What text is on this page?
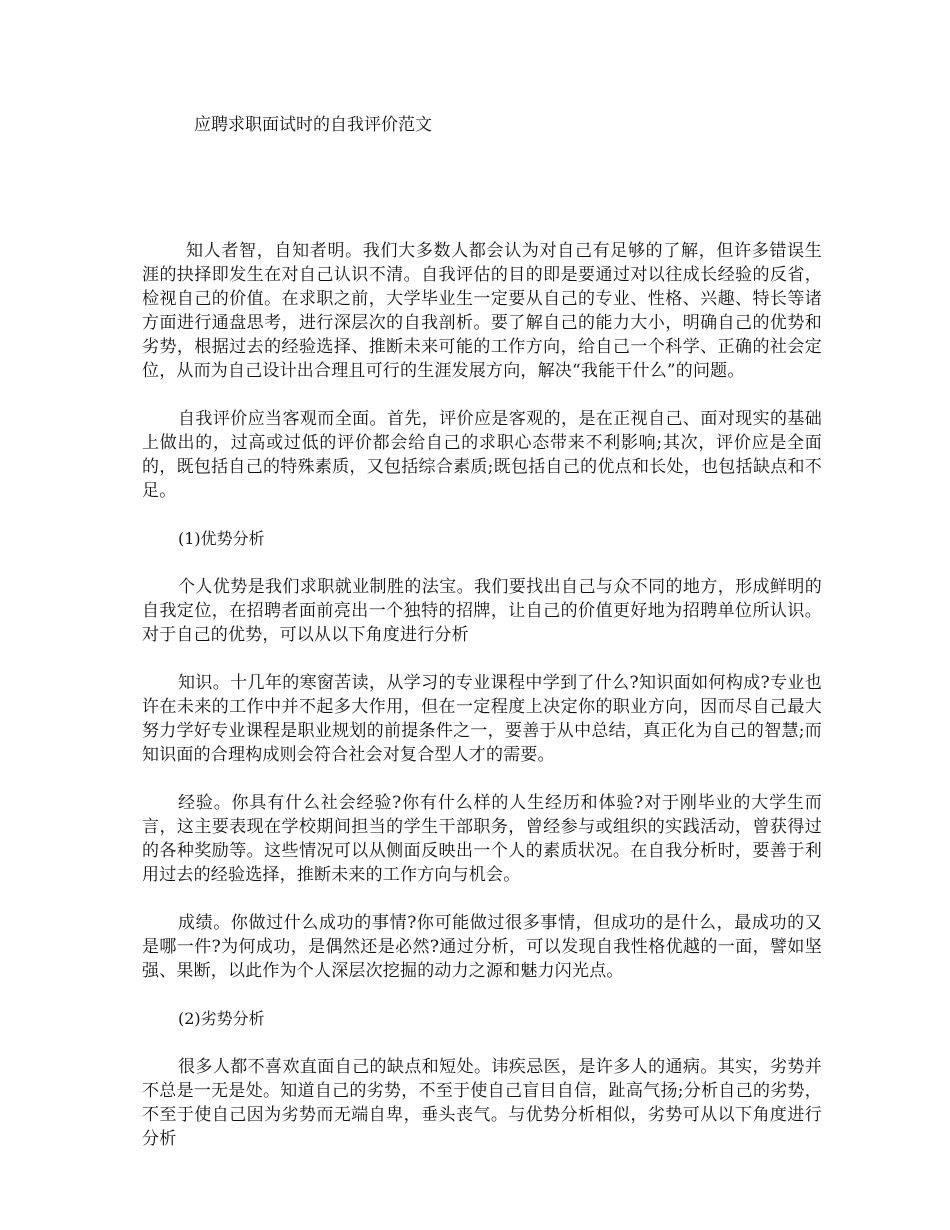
应聘求职面试时的自我评价范文

知人者智，自知者明。我们大多数人都会认为对自己有足够的了解，但许多错误生涯的抉择即发生在对自己认识不清。自我评估的目的即是要通过对以往成长经验的反省，检视自己的价值。在求职之前，大学毕业生一定要从自己的专业、性格、兴趣、特长等诸方面进行通盘思考，进行深层次的自我剖析。要了解自己的能力大小，明确自己的优势和劣势，根据过去的经验选择、推断未来可能的工作方向，给自己一个科学、正确的社会定位，从而为自己设计出合理且可行的生涯发展方向，解决“我能干什么”的问题。

自我评价应当客观而全面。首先，评价应是客观的，是在正视自己、面对现实的基础上做出的，过高或过低的评价都会给自己的求职心态带来不利影响;其次，评价应是全面的，既包括自己的特殊素质，又包括综合素质;既包括自己的优点和长处，也包括缺点和不足。

(1)优势分析

个人优势是我们求职就业制胜的法宝。我们要找出自己与众不同的地方，形成鲜明的自我定位，在招聘者面前亮出一个独特的招牌，让自己的价值更好地为招聘单位所认识。对于自己的优势，可以从以下角度进行分析

知识。十几年的寒窗苦读，从学习的专业课程中学到了什么?知识面如何构成?专业也许在未来的工作中并不起多大作用，但在一定程度上决定你的职业方向，因而尽自己最大努力学好专业课程是职业规划的前提条件之一，要善于从中总结，真正化为自己的智慧;而知识面的合理构成则会符合社会对复合型人才的需要。

经验。你具有什么社会经验?你有什么样的人生经历和体验?对于刚毕业的大学生而言，这主要表现在学校期间担当的学生干部职务，曾经参与或组织的实践活动，曾获得过的各种奖励等。这些情况可以从侧面反映出一个人的素质状况。在自我分析时，要善于利用过去的经验选择，推断未来的工作方向与机会。

成绩。你做过什么成功的事情?你可能做过很多事情，但成功的是什么，最成功的又是哪一件?为何成功，是偶然还是必然?通过分析，可以发现自我性格优越的一面，譬如坚强、果断，以此作为个人深层次挖掘的动力之源和魅力闪光点。

(2)劣势分析

很多人都不喜欢直面自己的缺点和短处。讳疾忌医，是许多人的通病。其实，劣势并不总是一无是处。知道自己的劣势，不至于使自己盲目自信，趾高气扬;分析自己的劣势，不至于使自己因为劣势而无端自卑，垂头丧气。与优势分析相似，劣势可从以下角度进行分析
